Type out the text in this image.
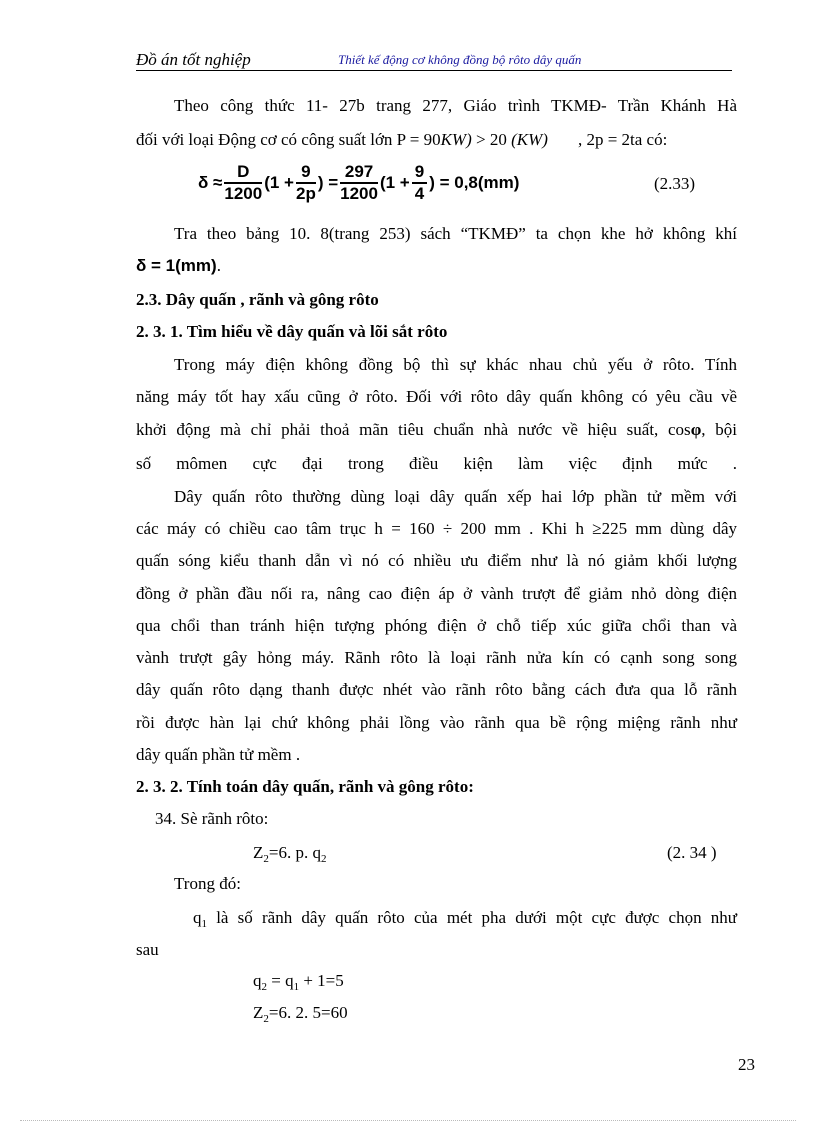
Đồ án tốt nghiệp	Thiết kế động cơ không đồng bộ rôto dây quấn
Theo công thức 11- 27b trang 277, Giáo trình TKMĐ- Trần Khánh Hà
đối với loại Động cơ có công suất lớn P = 90KW) > 20 (KW) , 2p = 2ta có:
$\delta \approx \frac{D}{1200} (1 + \frac{9}{2p}$ ) = $\frac{297}{1200} (1 + \frac{9}{4}$ ) = 0,8(mm)	(2.33)
Tra theo bảng 10. 8(trang 253) sách “TKMĐ” ta chọn khe hở không khí
δ = 1(mm).
2.3. Dây quấn , rãnh và gông rôto
2. 3. 1. Tìm hiểu về dây quấn và lõi sắt rôto
Trong máy điện không đồng bộ thì sự khác nhau chủ yếu ở rôto. Tính
năng máy tốt hay xấu cũng ở rôto. Đối với rôto dây quấn không có yêu cầu về
khởi động mà chỉ phải thoả mãn tiêu chuẩn nhà nước về hiệu suất, cosφ, bội
số mômen cực đại trong điều kiện làm việc định mức .
Dây quấn rôto thường dùng loại dây quấn xếp hai lớp phần tử mềm với
các máy có chiều cao tâm trục h = 160 ÷ 200 mm . Khi h ≥225 mm dùng dây
quấn sóng kiểu thanh dẫn vì nó có nhiều ưu điểm như là nó giảm khối lượng
đồng ở phần đầu nối ra, nâng cao điện áp ở vành trượt để giảm nhỏ dòng điện
qua chổi than tránh hiện tượng phóng điện ở chỗ tiếp xúc giữa chổi than và
vành trượt gây hỏng máy. Rãnh rôto là loại rãnh nửa kín có cạnh song song
dây quấn rôto dạng thanh được nhét vào rãnh rôto bằng cách đưa qua lỗ rãnh
rồi được hàn lại chứ không phải lồng vào rãnh qua bề rộng miệng rãnh như
dây quấn phần tử mềm .
2. 3. 2. Tính toán dây quấn, rãnh và gông rôto:
34. Sè rãnh rôto:
$Z_2=6$. p. $q_2$	(2. 34 )
Trong đó:
$q_1$ là số rãnh dây quấn rôto của mét pha dưới một cực được chọn như
sau
$q_2 = q_1 + 1=5$
$Z_2=6$. 2. 5=60
23
